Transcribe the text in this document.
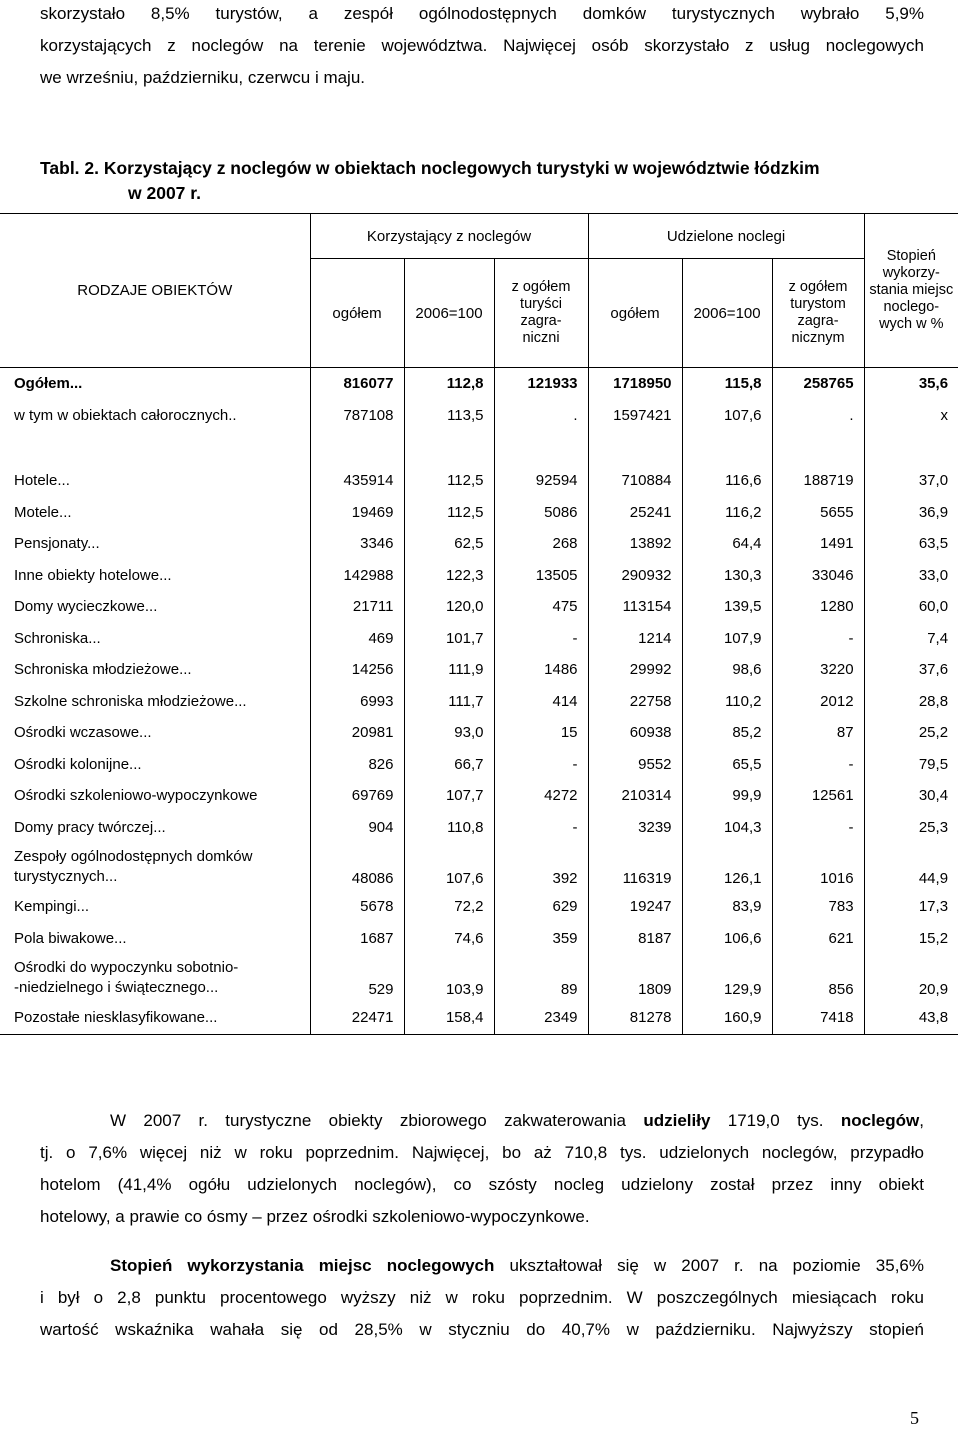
skorzystało 8,5% turystów, a zespół ogólnodostępnych domków turystycznych wybrało 5,9%
korzystających z noclegów na terenie województwa. Najwięcej osób skorzystało z usług noclegowych
we wrześniu, październiku, czerwcu i maju.
Tabl. 2. Korzystający z noclegów w obiektach noclegowych turystyki w województwie łódzkim
w 2007 r.
RODZAJE OBIEKTÓW	Korzystający z noclegów			Udzielone noclegi			Stopień wykorzy-stania miejsc noclego-wych w %
	ogółem	2006=100	z ogółem turyści zagra-niczni	ogółem	2006=100	z ogółem turystom zagra-nicznym	
Ogółem...	816077	112,8	121933	1718950	115,8	258765	35,6
w tym w obiektach całorocznych..	787108	113,5	.	1597421	107,6	.	x

Hotele...	435914	112,5	92594	710884	116,6	188719	37,0
Motele...	19469	112,5	5086	25241	116,2	5655	36,9
Pensjonaty...	3346	62,5	268	13892	64,4	1491	63,5
Inne obiekty hotelowe...	142988	122,3	13505	290932	130,3	33046	33,0
Domy wycieczkowe...	21711	120,0	475	113154	139,5	1280	60,0
Schroniska...	469	101,7	-	1214	107,9	-	7,4
Schroniska młodzieżowe...	14256	111,9	1486	29992	98,6	3220	37,6
Szkolne schroniska młodzieżowe...	6993	111,7	414	22758	110,2	2012	28,8
Ośrodki wczasowe...	20981	93,0	15	60938	85,2	87	25,2
Ośrodki kolonijne...	826	66,7	-	9552	65,5	-	79,5
Ośrodki szkoleniowo-wypoczynkowe	69769	107,7	4272	210314	99,9	12561	30,4
Domy pracy twórczej...	904	110,8	-	3239	104,3	-	25,3

Zespoły ogólnodostępnych domków
turystycznych...	48086	107,6	392	116319	126,1	1016	44,9
Kempingi...	5678	72,2	629	19247	83,9	783	17,3
Pola biwakowe...	1687	74,6	359	8187	106,6	621	15,2

Ośrodki do wypoczynku sobotnio-
-niedzielnego i świątecznego...	529	103,9	89	1809	129,9	856	20,9
Pozostałe niesklasyfikowane...	22471	158,4	2349	81278	160,9	7418	43,8
W 2007 r. turystyczne obiekty zbiorowego zakwaterowania udzieliły 1719,0 tys. noclegów,
tj. o 7,6% więcej niż w roku poprzednim. Najwięcej, bo aż 710,8 tys. udzielonych noclegów, przypadło
hotelom (41,4% ogółu udzielonych noclegów), co szósty nocleg udzielony został przez inny obiekt
hotelowy, a prawie co ósmy – przez ośrodki szkoleniowo-wypoczynkowe.
Stopień wykorzystania miejsc noclegowych ukształtował się w 2007 r. na poziomie 35,6%
i był o 2,8 punktu procentowego wyższy niż w roku poprzednim. W poszczególnych miesiącach roku
wartość wskaźnika wahała się od 28,5% w styczniu do 40,7% w październiku. Najwyższy stopień
5
